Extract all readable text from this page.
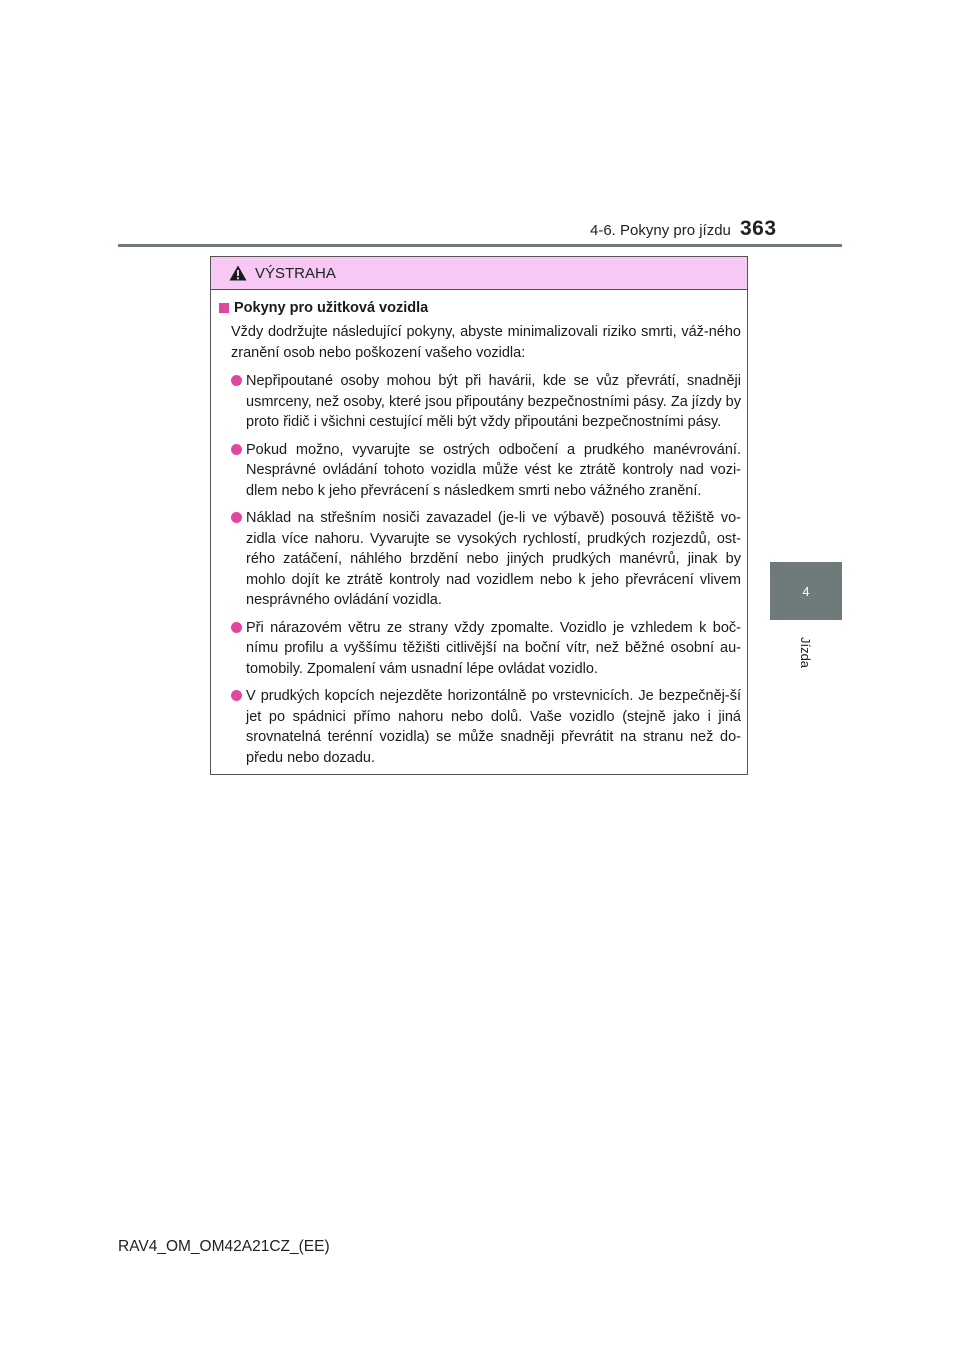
4-6. Pokyny pro jízdu 363
4
Jízda
VÝSTRAHA
Pokyny pro užitková vozidla

Vždy dodržujte následující pokyny, abyste minimalizovali riziko smrti, váž-ného zranění osob nebo poškození vašeho vozidla:

Nepřipoutané osoby mohou být při havárii, kde se vůz převrátí, snadněji usmrceny, než osoby, které jsou připoutány bezpečnostními pásy. Za jízdy by proto řidič i všichni cestující měli být vždy připoutáni bezpečnostními pásy.
Pokud možno, vyvarujte se ostrých odbočení a prudkého manévrování. Nesprávné ovládání tohoto vozidla může vést ke ztrátě kontroly nad vozi-dlem nebo k jeho převrácení s následkem smrti nebo vážného zranění.
Náklad na střešním nosiči zavazadel (je-li ve výbavě) posouvá těžiště vo-zidla více nahoru. Vyvarujte se vysokých rychlostí, prudkých rozjezdů, ost-rého zatáčení, náhlého brzdění nebo jiných prudkých manévrů, jinak by mohlo dojít ke ztrátě kontroly nad vozidlem nebo k jeho převrácení vlivem nesprávného ovládání vozidla.
Při nárazovém větru ze strany vždy zpomalte. Vozidlo je vzhledem k boč-nímu profilu a vyššímu těžišti citlivější na boční vítr, než běžné osobní au-tomobily. Zpomalení vám usnadní lépe ovládat vozidlo.
V prudkých kopcích nejezděte horizontálně po vrstevnicích. Je bezpečněj-ší jet po spádnici přímo nahoru nebo dolů. Vaše vozidlo (stejně jako i jiná srovnatelná terénní vozidla) se může snadněji převrátit na stranu než do-předu nebo dozadu.
RAV4_OM_OM42A21CZ_(EE)
